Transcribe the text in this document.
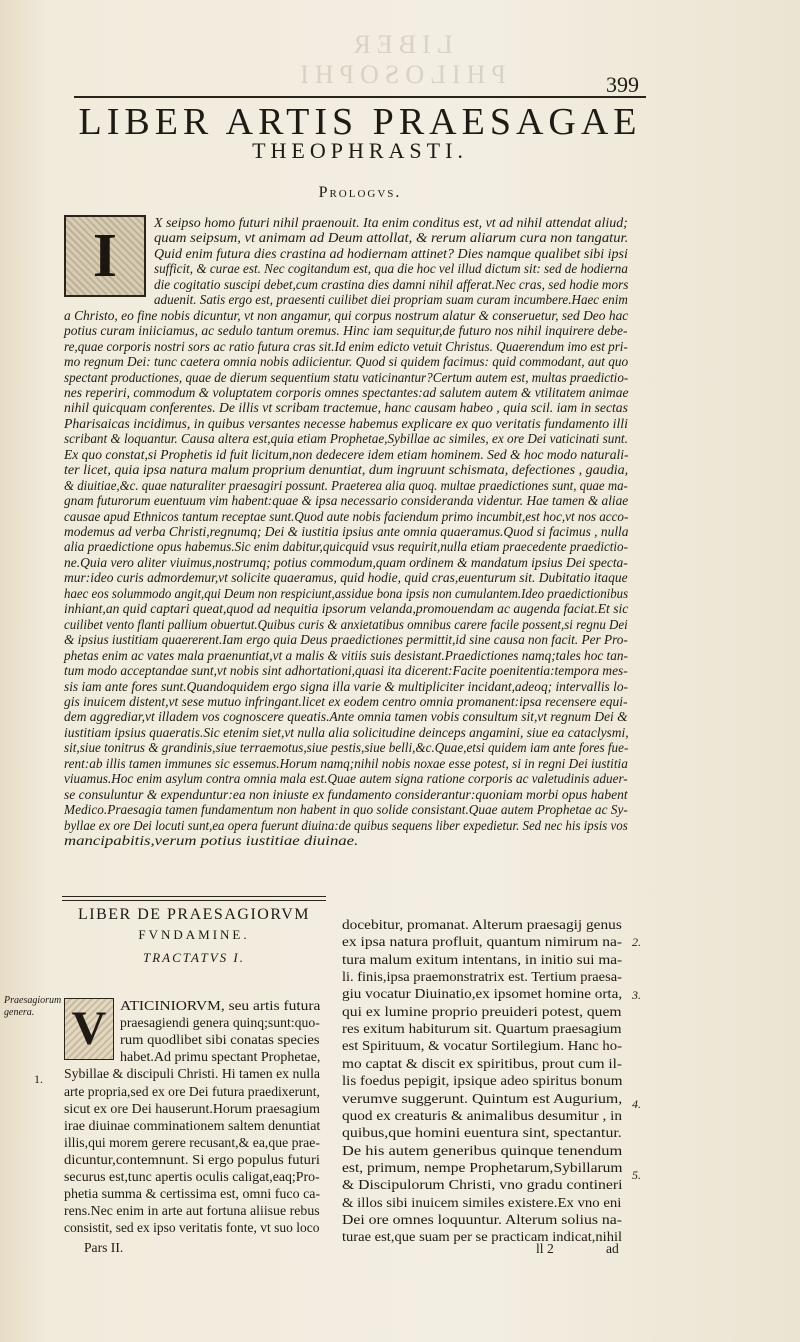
LIBER PHILOSOPHI	399
LIBER ARTIS PRAESAGAE
THEOPHRASTI.
Prologvs.
I	X seipso homo futuri nihil praenouit. Ita enim conditus est, vt ad nihil attendat aliud;
quam seipsum, vt animam ad Deum attollat, & rerum aliarum cura non tangatur.
Quid enim futura dies crastina ad hodiernam attinet? Dies namque qualibet sibi ipsi
sufficit, & curae est. Nec cogitandum est, qua die hoc vel illud dictum sit: sed de hodierna
die cogitatio suscipi debet,cum crastina dies damni nihil afferat.Nec cras, sed hodie mors
aduenit. Satis ergo est, praesenti cuilibet diei propriam suam curam incumbere.Haec enim
a Christo, eo fine nobis dicuntur, vt non angamur, qui corpus nostrum alatur & conseruetur, sed Deo hac
potius curam iniiciamus, ac sedulo tantum oremus. Hinc iam sequitur,de futuro nos nihil inquirere debe-
re,quae corporis nostri sors ac ratio futura cras sit.Id enim edicto vetuit Christus. Quaerendum imo est pri-
mo regnum Dei: tunc caetera omnia nobis adiicientur. Quod si quidem facimus: quid commodant, aut quo
spectant productiones, quae de dierum sequentium statu vaticinantur?Certum autem est, multas praedictio-
nes reperiri, commodum & voluptatem corporis omnes spectantes:ad salutem autem & vtilitatem animae
nihil quicquam conferentes. De illis vt scribam tractemue, hanc causam habeo , quia scil. iam in sectas
Pharisaicas incidimus, in quibus versantes necesse habemus explicare ex quo veritatis fundamento illi
scribant & loquantur. Causa altera est,quia etiam Prophetae,Sybillae ac similes, ex ore Dei vaticinati sunt.
Ex quo constat,si Prophetis id fuit licitum,non dedecere idem etiam hominem. Sed & hoc modo naturali-
ter licet, quia ipsa natura malum proprium denuntiat, dum ingruunt schismata, defectiones , gaudia,
& diuitiae,&c. quae naturaliter praesagiri possunt. Praeterea alia quoq. multae praedictiones sunt, quae ma-
gnam futurorum euentuum vim habent:quae & ipsa necessario consideranda videntur. Hae tamen & aliae
causae apud Ethnicos tantum receptae sunt.Quod aute nobis faciendum primo incumbit,est hoc,vt nos acco-
modemus ad verba Christi,regnumq; Dei & iustitia ipsius ante omnia quaeramus.Quod si facimus , nulla
alia praedictione opus habemus.Sic enim dabitur,quicquid vsus requirit,nulla etiam praecedente praedictio-
ne.Quia vero aliter viuimus,nostrumq; potius commodum,quam ordinem & mandatum ipsius Dei specta-
mur:ideo curis admordemur,vt solicite quaeramus, quid hodie, quid cras,euenturum sit. Dubitatio itaque
haec eos solummodo angit,qui Deum non respiciunt,assidue bona ipsis non cumulantem.Ideo praedictionibus
inhiant,an quid captari queat,quod ad nequitia ipsorum velanda,promouendam ac augenda faciat.Et sic
cuilibet vento flanti pallium obuertut.Quibus curis & anxietatibus omnibus carere facile possent,si regnu Dei
& ipsius iustitiam quaererent.Iam ergo quia Deus praedictiones permittit,id sine causa non facit. Per Pro-
phetas enim ac vates mala praenuntiat,vt a malis & vitiis suis desistant.Praedictiones namq;tales hoc tan-
tum modo acceptandae sunt,vt nobis sint adhortationi,quasi ita dicerent:Facite poenitentia:tempora mes-
sis iam ante fores sunt.Quandoquidem ergo signa illa varie & multipliciter incidant,adeoq; intervallis lo-
gis inuicem distent,vt sese mutuo infringant.licet ex eodem centro omnia promanent:ipsa recensere equi-
dem aggrediar,vt illadem vos cognoscere queatis.Ante omnia tamen vobis consultum sit,vt regnum Dei &
iustitiam ipsius quaeratis.Sic etenim siet,vt nulla alia solicitudine deinceps angamini, siue ea cataclysmi,
sit,siue tonitrus & grandinis,siue terraemotus,siue pestis,siue belli,&c.Quae,etsi quidem iam ante fores fue-
rent:ab illis tamen immunes sic essemus.Horum namq;nihil nobis noxae esse potest, si in regni Dei iustitia
viuamus.Hoc enim asylum contra omnia mala est.Quae autem signa ratione corporis ac valetudinis aduer-
se consuluntur & expenduntur:ea non iniuste ex fundamento considerantur:quoniam morbi opus habent
Medico.Praesagia tamen fundamentum non habent in quo solide consistant.Quae autem Prophetae ac Sy-
byllae ex ore Dei locuti sunt,ea opera fuerunt diuina:de quibus sequens liber expedietur. Sed nec his ipsis vos
mancipabitis,verum potius iustitiae diuinae.
LIBER DE PRAESAGIORVM
FVNDAMINE.
TRACTATVS I.
Praesagiorum genera.
1.
V ATICINIORVM, seu artis futura
praesagiendi genera quinq;sunt:quo-
rum quodlibet sibi conatas species
habet.Ad primu spectant Prophetae,
Sybillae & discipuli Christi. Hi tamen ex nulla
arte propria,sed ex ore Dei futura praedixerunt,
sicut ex ore Dei hauserunt.Horum praesagium
irae diuinae comminationem saltem denuntiat
illis,qui morem gerere recusant,& ea,que prae-
dicuntur,contemnunt. Si ergo populus futuri
securus est,tunc apertis oculis caligat,eaq;Pro-
phetia summa & certissima est, omni fuco ca-
rens.Nec enim in arte aut fortuna aliisue rebus
consistit, sed ex ipso veritatis fonte, vt suo loco
docebitur, promanat. Alterum praesagij genus
ex ipsa natura profluit, quantum nimirum na-
tura malum exitum intentans, in initio sui ma-
li. finis,ipsa praemonstratrix est. Tertium praesa-
giu vocatur Diuinatio,ex ipsomet homine orta,
qui ex lumine proprio preuideri potest, quem
res exitum habiturum sit. Quartum praesagium
est Spirituum, & vocatur Sortilegium. Hanc ho-
mo captat & discit ex spiritibus, prout cum il-
lis foedus pepigit, ipsique adeo spiritus bonum
verumve suggerunt. Quintum est Augurium,
quod ex creaturis & animalibus desumitur , in
quibus,que homini euentura sint, spectantur.
De his autem generibus quinque tenendum
est, primum, nempe Prophetarum,Sybillarum
& Discipulorum Christi, vno gradu contineri
& illos sibi inuicem similes existere.Ex vno eni
Dei ore omnes loquuntur. Alterum solius na-
turae est,que suam per se practicam indicat,nihil
2.
3.
4.
5.
Pars II.	ll 2	ad
